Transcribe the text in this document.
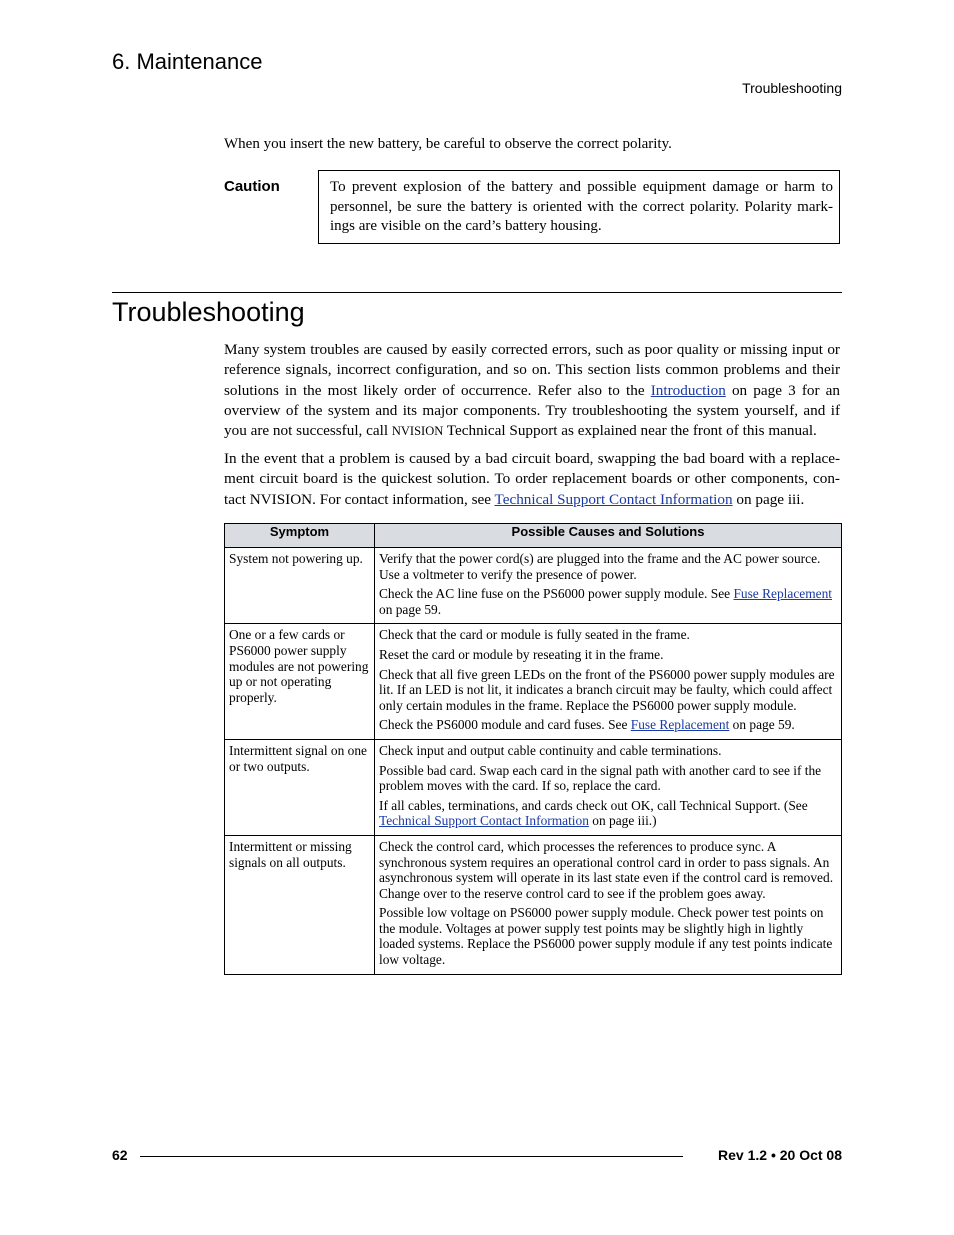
6. Maintenance
Troubleshooting
When you insert the new battery, be careful to observe the correct polarity.
Caution	To prevent explosion of the battery and possible equipment damage or harm to personnel, be sure the battery is oriented with the correct polarity. Polarity mark-ings are visible on the card’s battery housing.
Troubleshooting
Many system troubles are caused by easily corrected errors, such as poor quality or missing input or reference signals, incorrect configuration, and so on. This section lists common problems and their solutions in the most likely order of occurrence. Refer also to the Introduction on page 3 for an overview of the system and its major components. Try troubleshooting the system yourself, and if you are not successful, call NVISION Technical Support as explained near the front of this manual.
In the event that a problem is caused by a bad circuit board, swapping the bad board with a replace-ment circuit board is the quickest solution. To order replacement boards or other components, con-tact NVISION. For contact information, see Technical Support Contact Information on page iii.
Symptom	Possible Causes and Solutions
System not powering up.	Verify that the power cord(s) are plugged into the frame and the AC power source. Use a voltmeter to verify the presence of power.

Check the AC line fuse on the PS6000 power supply module. See Fuse Replacement on page 59.

One or a few cards or PS6000 power supply modules are not powering up or not operating properly.	Check that the card or module is fully seated in the frame.

Reset the card or module by reseating it in the frame.

Check that all five green LEDs on the front of the PS6000 power supply modules are lit. If an LED is not lit, it indicates a branch circuit may be faulty, which could affect only certain modules in the frame. Replace the PS6000 power supply module.

Check the PS6000 module and card fuses. See Fuse Replacement on page 59.

Intermittent signal on one or two outputs.	Check input and output cable continuity and cable terminations.

Possible bad card. Swap each card in the signal path with another card to see if the problem moves with the card. If so, replace the card.

If all cables, terminations, and cards check out OK, call Technical Support. (See Technical Support Contact Information on page iii.)

Intermittent or missing signals on all outputs.	Check the control card, which processes the references to produce sync. A synchronous system requires an operational control card in order to pass signals. An asynchronous system will operate in its last state even if the control card is removed. Change over to the reserve control card to see if the problem goes away.

Possible low voltage on PS6000 power supply module. Check power test points on the module. Voltages at power supply test points may be slightly high in lightly loaded systems. Replace the PS6000 power supply module if any test points indicate low voltage.

62	Rev 1.2 • 20 Oct 08
